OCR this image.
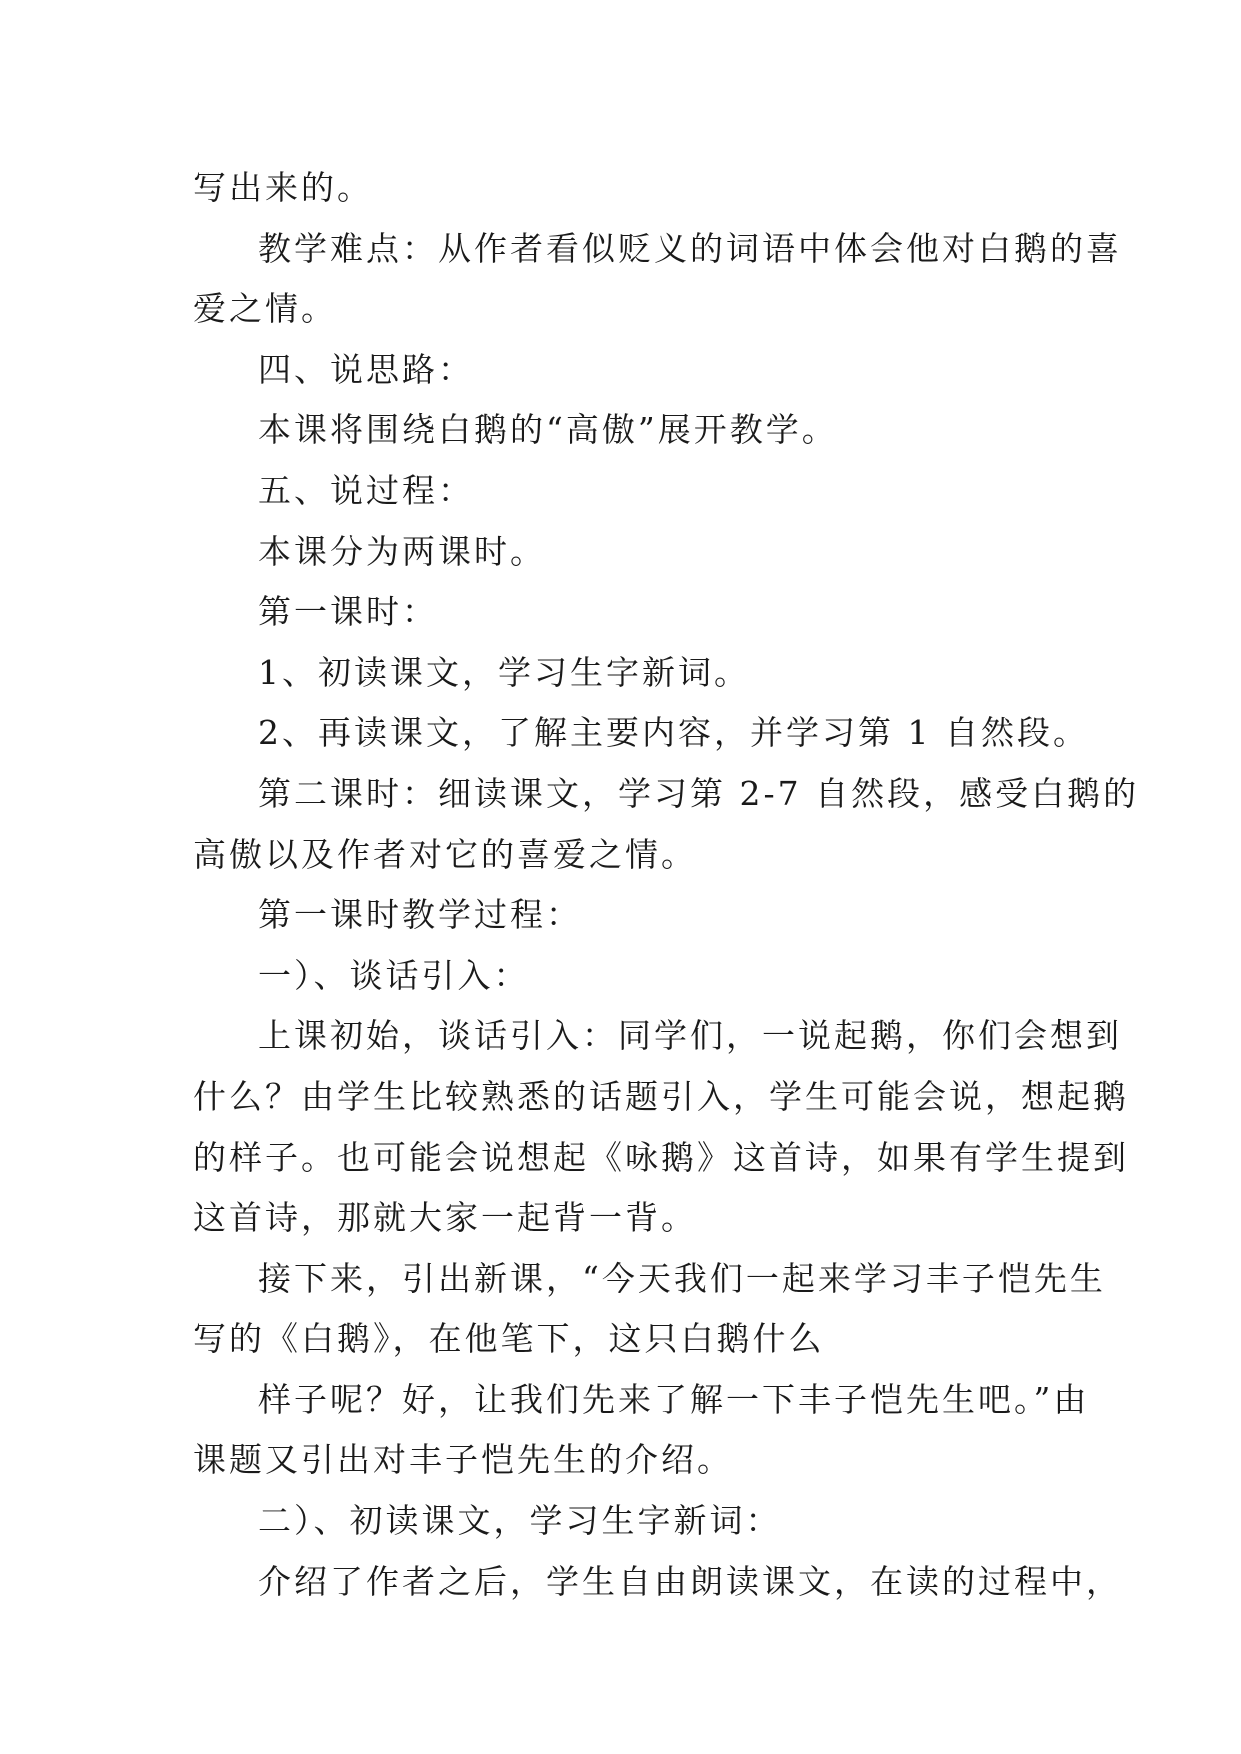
写出来的。

教学难点：从作者看似贬义的词语中体会他对白鹅的喜

爱之情。

四、说思路：

本课将围绕白鹅的“高傲”展开教学。

五、说过程：

本课分为两课时。

第一课时：

1、初读课文，学习生字新词。

2、再读课文，了解主要内容，并学习第 1 自然段。

第二课时：细读课文，学习第 2-7 自然段，感受白鹅的

高傲以及作者对它的喜爱之情。

第一课时教学过程：

一）、谈话引入：

上课初始，谈话引入：同学们，一说起鹅，你们会想到

什么？由学生比较熟悉的话题引入，学生可能会说，想起鹅

的样子。也可能会说想起《咏鹅》这首诗，如果有学生提到

这首诗，那就大家一起背一背。

接下来，引出新课，“今天我们一起来学习丰子恺先生

写的《白鹅》，在他笔下，这只白鹅什么

样子呢？好，让我们先来了解一下丰子恺先生吧。”由

课题又引出对丰子恺先生的介绍。

二）、初读课文，学习生字新词：

介绍了作者之后，学生自由朗读课文，在读的过程中，
